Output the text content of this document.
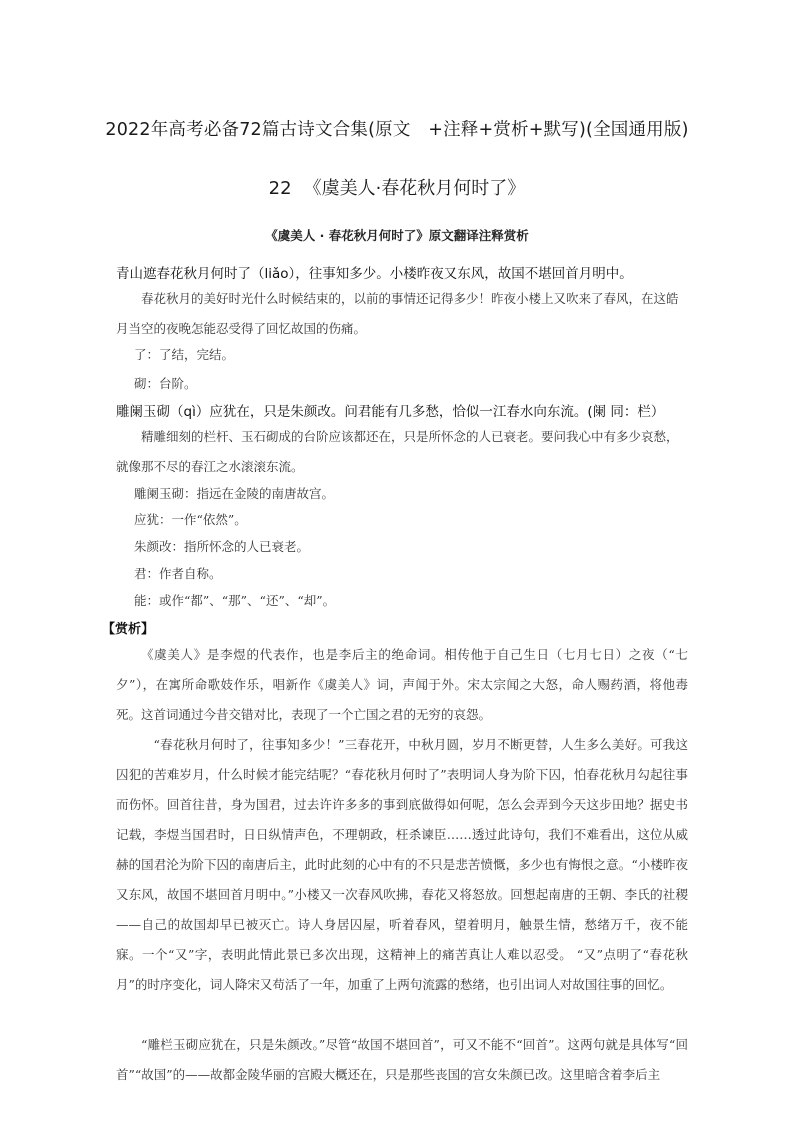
2022年高考必备72篇古诗文合集(原文　+注释+赏析+默写)(全国通用版)
22 《虞美人·春花秋月何时了》
《虞美人 · 春花秋月何时了》原文翻译注释赏析
青山遮春花秋月何时了（liǎo），往事知多少。小楼昨夜又东风，故国不堪回首月明中。
春花秋月的美好时光什么时候结束的，以前的事情还记得多少！昨夜小楼上又吹来了春风，在这皓月当空的夜晚怎能忍受得了回忆故国的伤痛。
了：了结，完结。
砌：台阶。
雕阑玉砌（qì）应犹在，只是朱颜改。问君能有几多愁，恰似一江春水向东流。(阑 同：栏）
精雕细刻的栏杆、玉石砌成的台阶应该都还在，只是所怀念的人已衰老。要问我心中有多少哀愁，就像那不尽的春江之水滚滚东流。
雕阑玉砌：指远在金陵的南唐故宫。
应犹：一作“依然”。
朱颜改：指所怀念的人已衰老。
君：作者自称。
能：或作“都”、“那”、“还”、“却”。
【赏析】
《虞美人》是李煜的代表作，也是李后主的绝命词。相传他于自己生日（七月七日）之夜（“七夕”），在寓所命歌妓作乐，唱新作《虞美人》词，声闻于外。宋太宗闻之大怒，命人赐药酒，将他毒死。这首词通过今昔交错对比，表现了一个亡国之君的无穷的哀怨。
“春花秋月何时了，往事知多少！”三春花开，中秋月圆，岁月不断更替，人生多么美好。可我这囚犯的苦难岁月，什么时候才能完结呢？“春花秋月何时了”表明词人身为阶下囚，怕春花秋月勾起往事而伤怀。回首往昔，身为国君，过去许许多多的事到底做得如何呢，怎么会弄到今天这步田地？据史书记载，李煜当国君时，日日纵情声色，不理朝政，枉杀谏臣……透过此诗句，我们不难看出，这位从威赫的国君沦为阶下囚的南唐后主，此时此刻的心中有的不只是悲苦愤慨，多少也有悔恨之意。“小楼昨夜又东风，故国不堪回首月明中。”小楼又一次春风吹拂，春花又将怒放。回想起南唐的王朝、李氏的社稷——自己的故国却早已被灭亡。诗人身居囚屋，听着春风，望着明月，触景生情，愁绪万千，夜不能寐。一个“又”字，表明此情此景已多次出现，这精神上的痛苦真让人难以忍受。 “又”点明了“春花秋月”的时序变化，词人降宋又苟活了一年，加重了上两句流露的愁绪，也引出词人对故国往事的回忆。
“雕栏玉砌应犹在，只是朱颜改。”尽管“故国不堪回首”，可又不能不“回首”。这两句就是具体写“回首”“故国”的——故都金陵华丽的宫殿大概还在，只是那些丧国的宫女朱颜已改。这里暗含着李后主
